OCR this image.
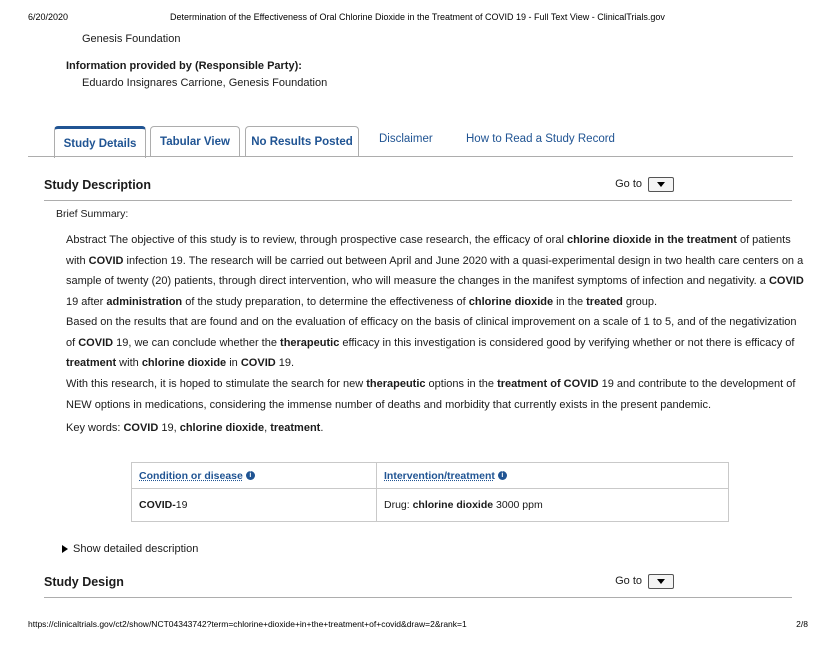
6/20/2020	Determination of the Effectiveness of Oral Chlorine Dioxide in the Treatment of COVID 19 - Full Text View - ClinicalTrials.gov
Genesis Foundation
Information provided by (Responsible Party):
Eduardo Insignares Carrione, Genesis Foundation
Study Details Tabular View No Results Posted Disclaimer	How to Read a Study Record
Study Description	Go to
Brief Summary:
Abstract The objective of this study is to review, through prospective case research, the efficacy of oral chlorine dioxide in the treatment of patients with COVID infection 19. The research will be carried out between April and June 2020 with a quasi-experimental design in two health care centers on a sample of twenty (20) patients, through direct intervention, who will measure the changes in the manifest symptoms of infection and negativity. a COVID 19 after administration of the study preparation, to determine the effectiveness of chlorine dioxide in the treated group.
Based on the results that are found and on the evaluation of efficacy on the basis of clinical improvement on a scale of 1 to 5, and of the negativization of COVID 19, we can conclude whether the therapeutic efficacy in this investigation is considered good by verifying whether or not there is efficacy of treatment with chlorine dioxide in COVID 19.
With this research, it is hoped to stimulate the search for new therapeutic options in the treatment of COVID 19 and contribute to the development of NEW options in medications, considering the immense number of deaths and morbidity that currently exists in the present pandemic.
Key words: COVID 19, chlorine dioxide, treatment.
Condition or disease i	Intervention/treatment i
COVID-19	Drug: chlorine dioxide 3000 ppm
Show detailed description
Study Design	Go to
https://clinicaltrials.gov/ct2/show/NCT04343742?term=chlorine+dioxide+in+the+treatment+of+covid&draw=2&rank=1	2/8
